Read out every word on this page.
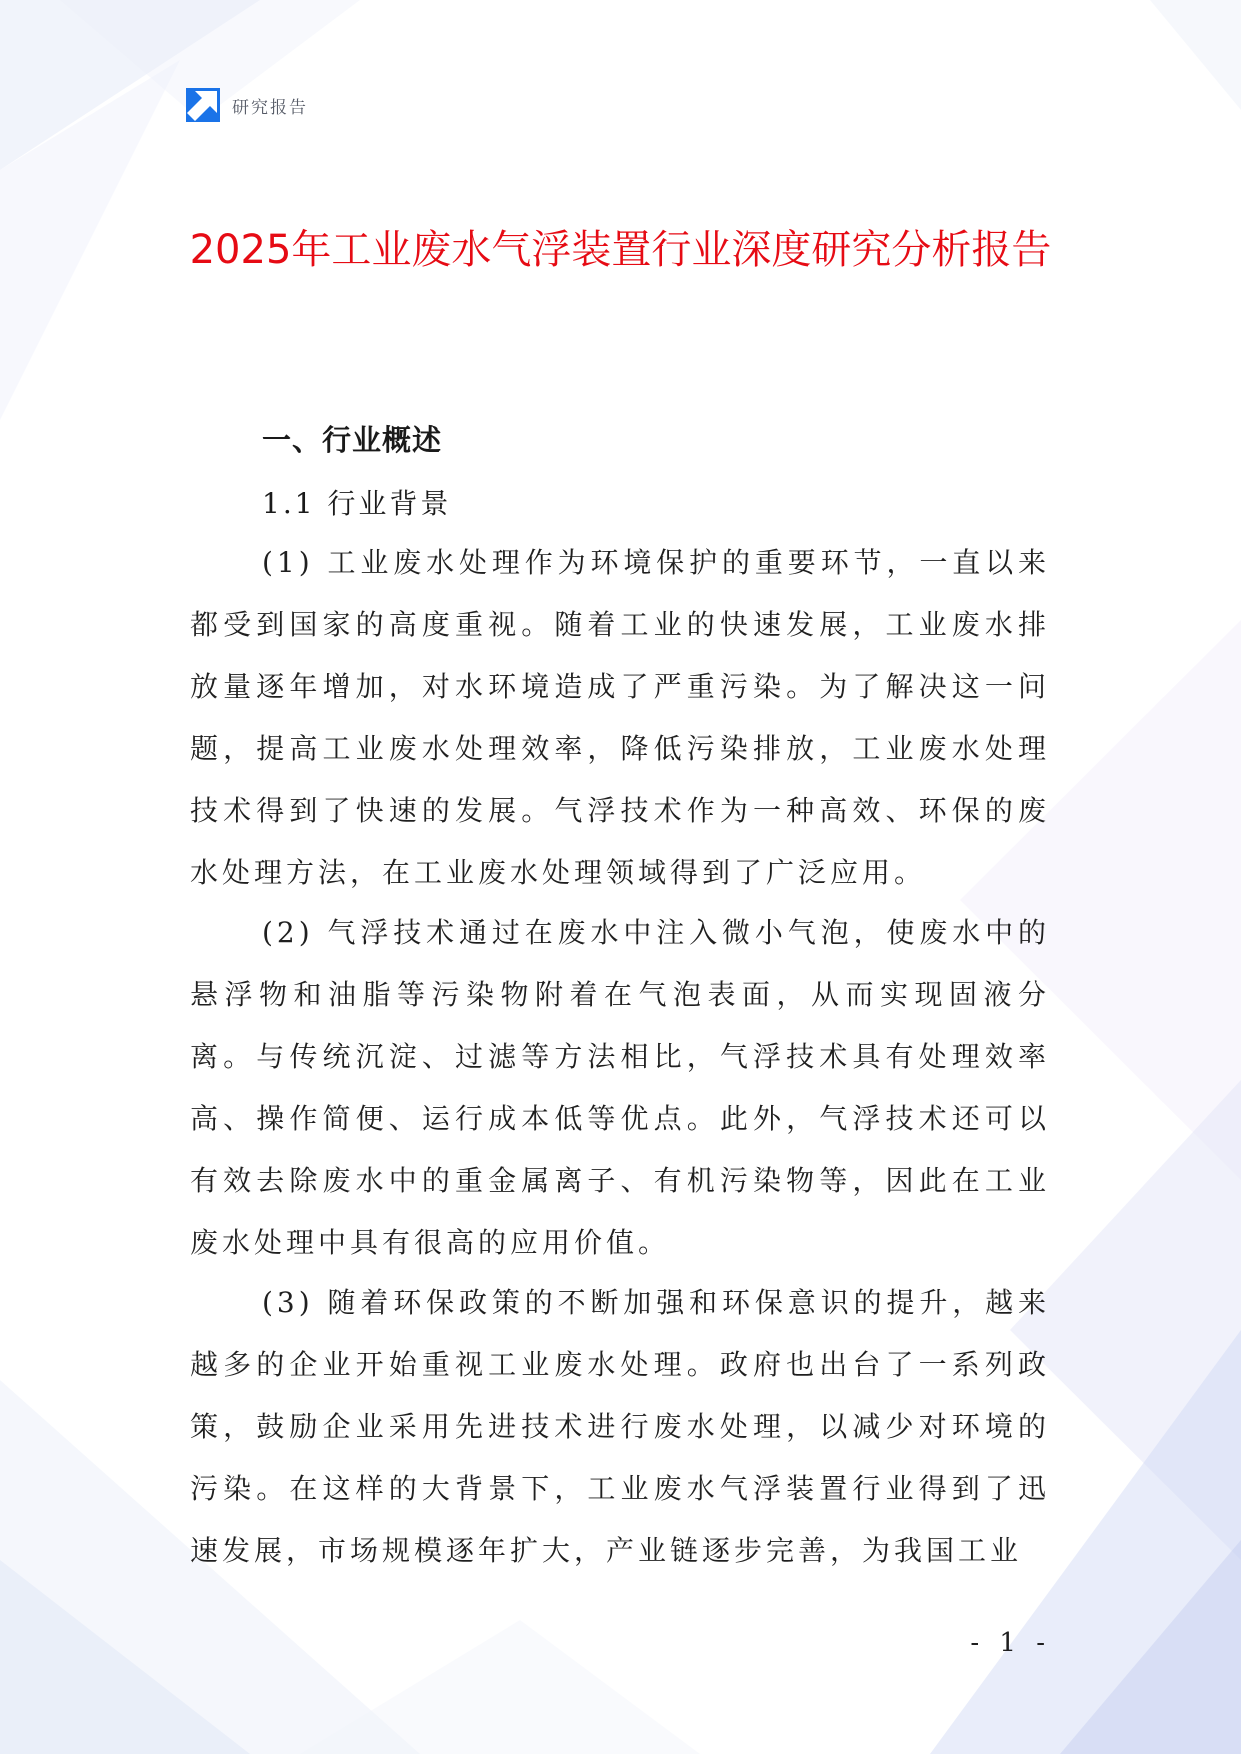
研究报告
2025年工业废水气浮装置行业深度研究分析报告
一、行业概述
1.1 行业背景

(1) 工业废水处理作为环境保护的重要环节，一直以来都受到国家的高度重视。随着工业的快速发展，工业废水排放量逐年增加，对水环境造成了严重污染。为了解决这一问题，提高工业废水处理效率，降低污染排放，工业废水处理技术得到了快速的发展。气浮技术作为一种高效、环保的废水处理方法，在工业废水处理领域得到了广泛应用。

(2) 气浮技术通过在废水中注入微小气泡，使废水中的悬浮物和油脂等污染物附着在气泡表面，从而实现固液分离。与传统沉淀、过滤等方法相比，气浮技术具有处理效率高、操作简便、运行成本低等优点。此外，气浮技术还可以有效去除废水中的重金属离子、有机污染物等，因此在工业废水处理中具有很高的应用价值。

(3) 随着环保政策的不断加强和环保意识的提升，越来越多的企业开始重视工业废水处理。政府也出台了一系列政策，鼓励企业采用先进技术进行废水处理，以减少对环境的污染。在这样的大背景下，工业废水气浮装置行业得到了迅速发展，市场规模逐年扩大，产业链逐步完善，为我国工业

- 1 -
